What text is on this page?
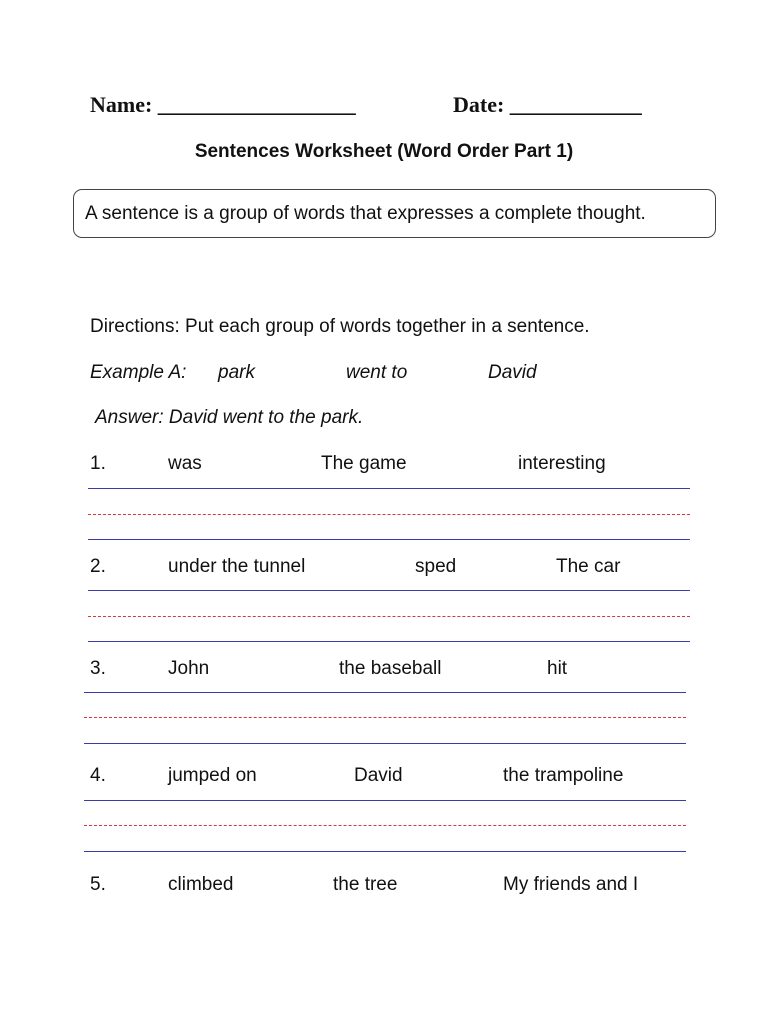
Name: __________________	Date: ____________
Sentences Worksheet (Word Order Part 1)
A sentence is a group of words that expresses a complete thought.
Directions: Put each group of words together in a sentence.
Example A: park	went to	David
Answer: David went to the park.
1.	was	The game	interesting
2.	under the tunnel	sped	The car
3.	John	the baseball	hit
4.	jumped on	David	the trampoline
5.	climbed	the tree	My friends and I
